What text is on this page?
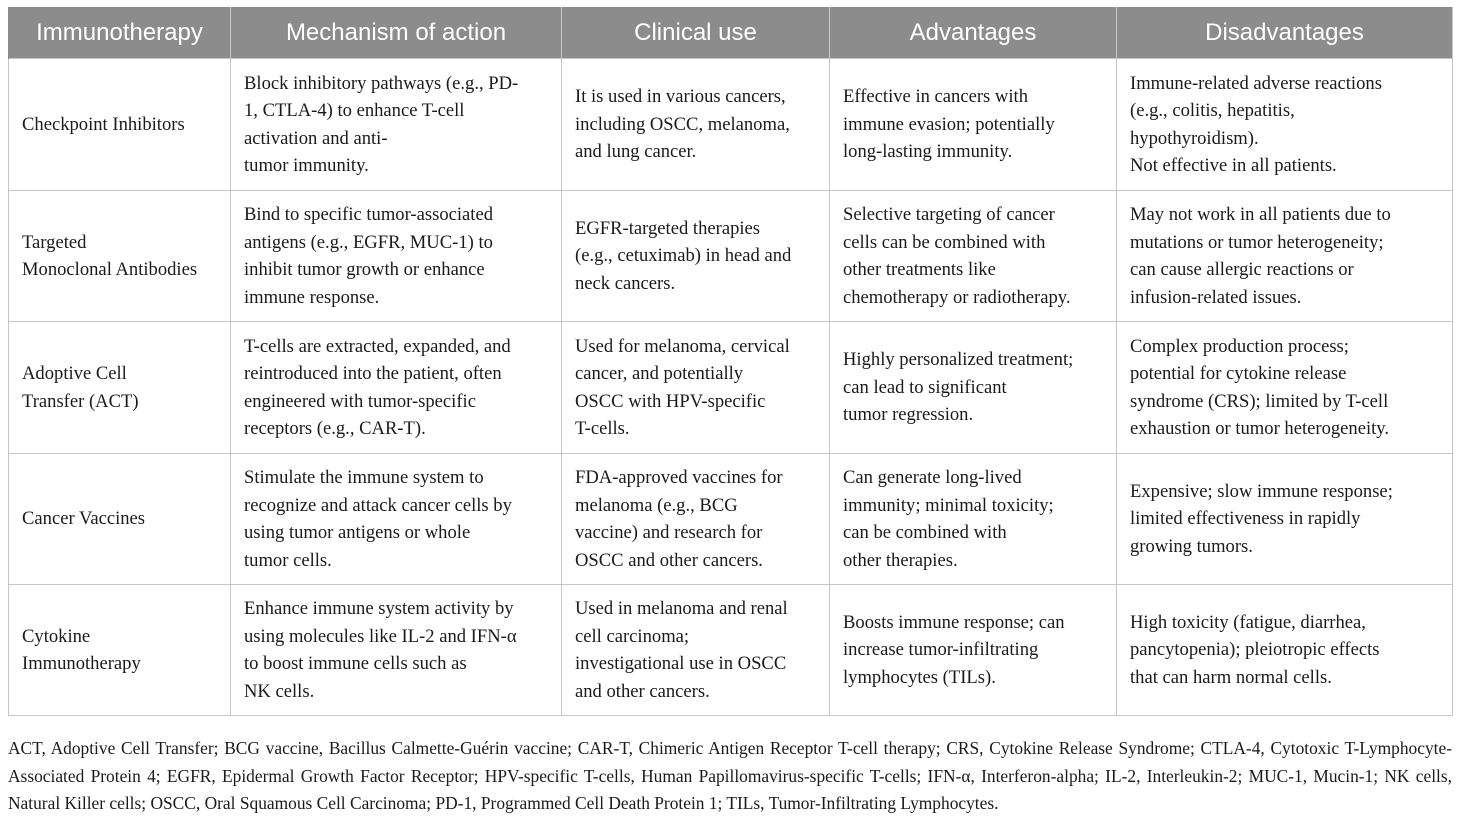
Immunotherapy	Mechanism of action	Clinical use	Advantages	Disadvantages

Checkpoint Inhibitors	Block inhibitory pathways (e.g., PD-
1, CTLA-4) to enhance T-cell
activation and anti-
tumor immunity.	It is used in various cancers,
including OSCC, melanoma,
and lung cancer.	Effective in cancers with
immune evasion; potentially
long-lasting immunity.	Immune-related adverse reactions
(e.g., colitis, hepatitis,
hypothyroidism).
Not effective in all patients.

Targeted
Monoclonal Antibodies	Bind to specific tumor-associated
antigens (e.g., EGFR, MUC-1) to
inhibit tumor growth or enhance
immune response.	EGFR-targeted therapies
(e.g., cetuximab) in head and
neck cancers.	Selective targeting of cancer
cells can be combined with
other treatments like
chemotherapy or radiotherapy.	May not work in all patients due to
mutations or tumor heterogeneity;
can cause allergic reactions or
infusion-related issues.

Adoptive Cell
Transfer (ACT)	T-cells are extracted, expanded, and
reintroduced into the patient, often
engineered with tumor-specific
receptors (e.g., CAR-T).	Used for melanoma, cervical
cancer, and potentially
OSCC with HPV-specific
T-cells.	Highly personalized treatment;
can lead to significant
tumor regression.	Complex production process;
potential for cytokine release
syndrome (CRS); limited by T-cell
exhaustion or tumor heterogeneity.

Cancer Vaccines	Stimulate the immune system to
recognize and attack cancer cells by
using tumor antigens or whole
tumor cells.	FDA-approved vaccines for
melanoma (e.g., BCG
vaccine) and research for
OSCC and other cancers.	Can generate long-lived
immunity; minimal toxicity;
can be combined with
other therapies.	Expensive; slow immune response;
limited effectiveness in rapidly
growing tumors.

Cytokine
Immunotherapy	Enhance immune system activity by
using molecules like IL-2 and IFN-α
to boost immune cells such as
NK cells.	Used in melanoma and renal
cell carcinoma;
investigational use in OSCC
and other cancers.	Boosts immune response; can
increase tumor-infiltrating
lymphocytes (TILs).	High toxicity (fatigue, diarrhea,
pancytopenia); pleiotropic effects
that can harm normal cells.

ACT, Adoptive Cell Transfer; BCG vaccine, Bacillus Calmette-Guérin vaccine; CAR-T, Chimeric Antigen Receptor T-cell therapy; CRS, Cytokine Release Syndrome; CTLA-4, Cytotoxic T-Lymphocyte-Associated Protein 4; EGFR, Epidermal Growth Factor Receptor; HPV-specific T-cells, Human Papillomavirus-specific T-cells; IFN-α, Interferon-alpha; IL-2, Interleukin-2; MUC-1, Mucin-1; NK cells, Natural Killer cells; OSCC, Oral Squamous Cell Carcinoma; PD-1, Programmed Cell Death Protein 1; TILs, Tumor-Infiltrating Lymphocytes.
